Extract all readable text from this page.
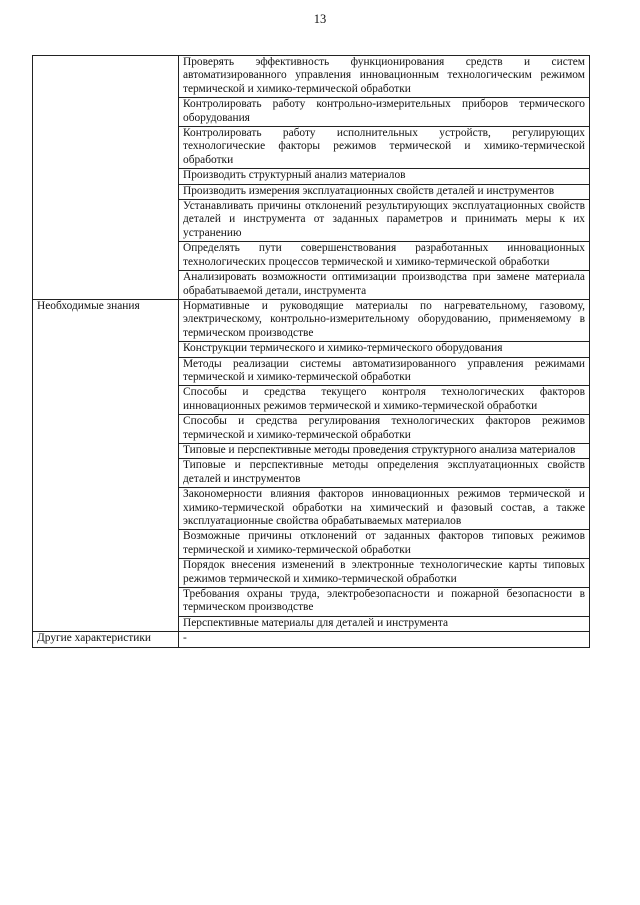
13
	Проверять эффективность функционирования средств и систем автоматизированного управления инновационным технологическим режимом термической и химико-термической обработки
	Контролировать работу контрольно-измерительных приборов термического оборудования
	Контролировать работу исполнительных устройств, регулирующих технологические факторы режимов термической и химико-термической обработки
	Производить структурный анализ материалов
	Производить измерения эксплуатационных свойств деталей и инструментов
	Устанавливать причины отклонений результирующих эксплуатационных свойств деталей и инструмента от заданных параметров и принимать меры к их устранению
	Определять пути совершенствования разработанных инновационных технологических процессов термической и химико-термической обработки
	Анализировать возможности оптимизации производства при замене материала обрабатываемой детали, инструмента
Необходимые знания	Нормативные и руководящие материалы по нагревательному, газовому, электрическому, контрольно-измерительному оборудованию, применяемому в термическом производстве
	Конструкции термического и химико-термического оборудования
	Методы реализации системы автоматизированного управления режимами термической и химико-термической обработки
	Способы и средства текущего контроля технологических факторов инновационных режимов термической и химико-термической обработки
	Способы и средства регулирования технологических факторов режимов термической и химико-термической обработки
	Типовые и перспективные методы проведения структурного анализа материалов
	Типовые и перспективные методы определения эксплуатационных свойств деталей и инструментов
	Закономерности влияния факторов инновационных режимов термической и химико-термической обработки на химический и фазовый состав, а также эксплуатационные свойства обрабатываемых материалов
	Возможные причины отклонений от заданных факторов типовых режимов термической и химико-термической обработки
	Порядок внесения изменений в электронные технологические карты типовых режимов термической и химико-термической обработки
	Требования охраны труда, электробезопасности и пожарной безопасности в термическом производстве
	Перспективные материалы для деталей и инструмента
Другие характеристики	-
